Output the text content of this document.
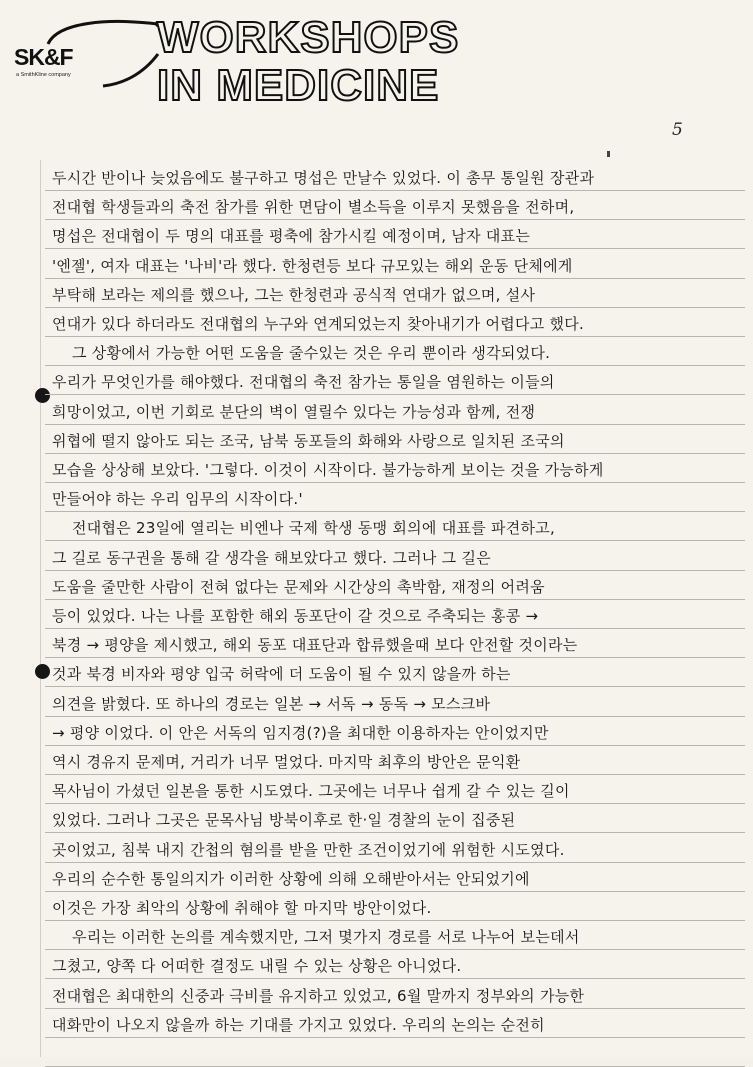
SK&F
a SmithKline company
WORKSHOPS
IN MEDICINE
5
두시간 반이나 늦었음에도 불구하고 명섭은 만날수 있었다. 이 총무 통일원 장관과
전대협 학생들과의 축전 참가를 위한 면담이 별소득을 이루지 못했음을 전하며,
명섭은 전대협이 두 명의 대표를 평축에 참가시킬 예정이며, 남자 대표는
'엔젤', 여자 대표는 '나비'라 했다. 한청련등 보다 규모있는 해외 운동 단체에게
부탁해 보라는 제의를 했으나, 그는 한청련과 공식적 연대가 없으며, 설사
연대가 있다 하더라도 전대협의 누구와 연계되었는지 찾아내기가 어렵다고 했다.
그 상황에서 가능한 어떤 도움을 줄수있는 것은 우리 뿐이라 생각되었다.
우리가 무엇인가를 해야했다. 전대협의 축전 참가는 통일을 염원하는 이들의
희망이었고, 이번 기회로 분단의 벽이 열릴수 있다는 가능성과 함께, 전쟁
위협에 떨지 않아도 되는 조국, 남북 동포들의 화해와 사랑으로 일치된 조국의
모습을 상상해 보았다. '그렇다. 이것이 시작이다. 불가능하게 보이는 것을 가능하게
만들어야 하는 우리 임무의 시작이다.'
전대협은 23일에 열리는 비엔나 국제 학생 동맹 회의에 대표를 파견하고,
그 길로 동구권을 통해 갈 생각을 해보았다고 했다. 그러나 그 길은
도움을 줄만한 사람이 전혀 없다는 문제와 시간상의 촉박함, 재정의 어려움
등이 있었다. 나는 나를 포함한 해외 동포단이 갈 것으로 주축되는 홍콩 →
북경 → 평양을 제시했고, 해외 동포 대표단과 합류했을때 보다 안전할 것이라는
것과 북경 비자와 평양 입국 허락에 더 도움이 될 수 있지 않을까 하는
의견을 밝혔다. 또 하나의 경로는 일본 → 서독 → 동독 → 모스크바
→ 평양 이었다. 이 안은 서독의 임지경(?)을 최대한 이용하자는 안이었지만
역시 경유지 문제며, 거리가 너무 멀었다. 마지막 최후의 방안은 문익환
목사님이 가셨던 일본을 통한 시도였다. 그곳에는 너무나 쉽게 갈 수 있는 길이
있었다. 그러나 그곳은 문목사님 방북이후로 한·일 경찰의 눈이 집중된
곳이었고, 침북 내지 간첩의 혐의를 받을 만한 조건이었기에 위험한 시도였다.
우리의 순수한 통일의지가 이러한 상황에 의해 오해받아서는 안되었기에
이것은 가장 최악의 상황에 취해야 할 마지막 방안이었다.
우리는 이러한 논의를 계속했지만, 그저 몇가지 경로를 서로 나누어 보는데서
그쳤고, 양쪽 다 어떠한 결정도 내릴 수 있는 상황은 아니었다.
전대협은 최대한의 신중과 극비를 유지하고 있었고, 6월 말까지 정부와의 가능한
대화만이 나오지 않을까 하는 기대를 가지고 있었다. 우리의 논의는 순전히
